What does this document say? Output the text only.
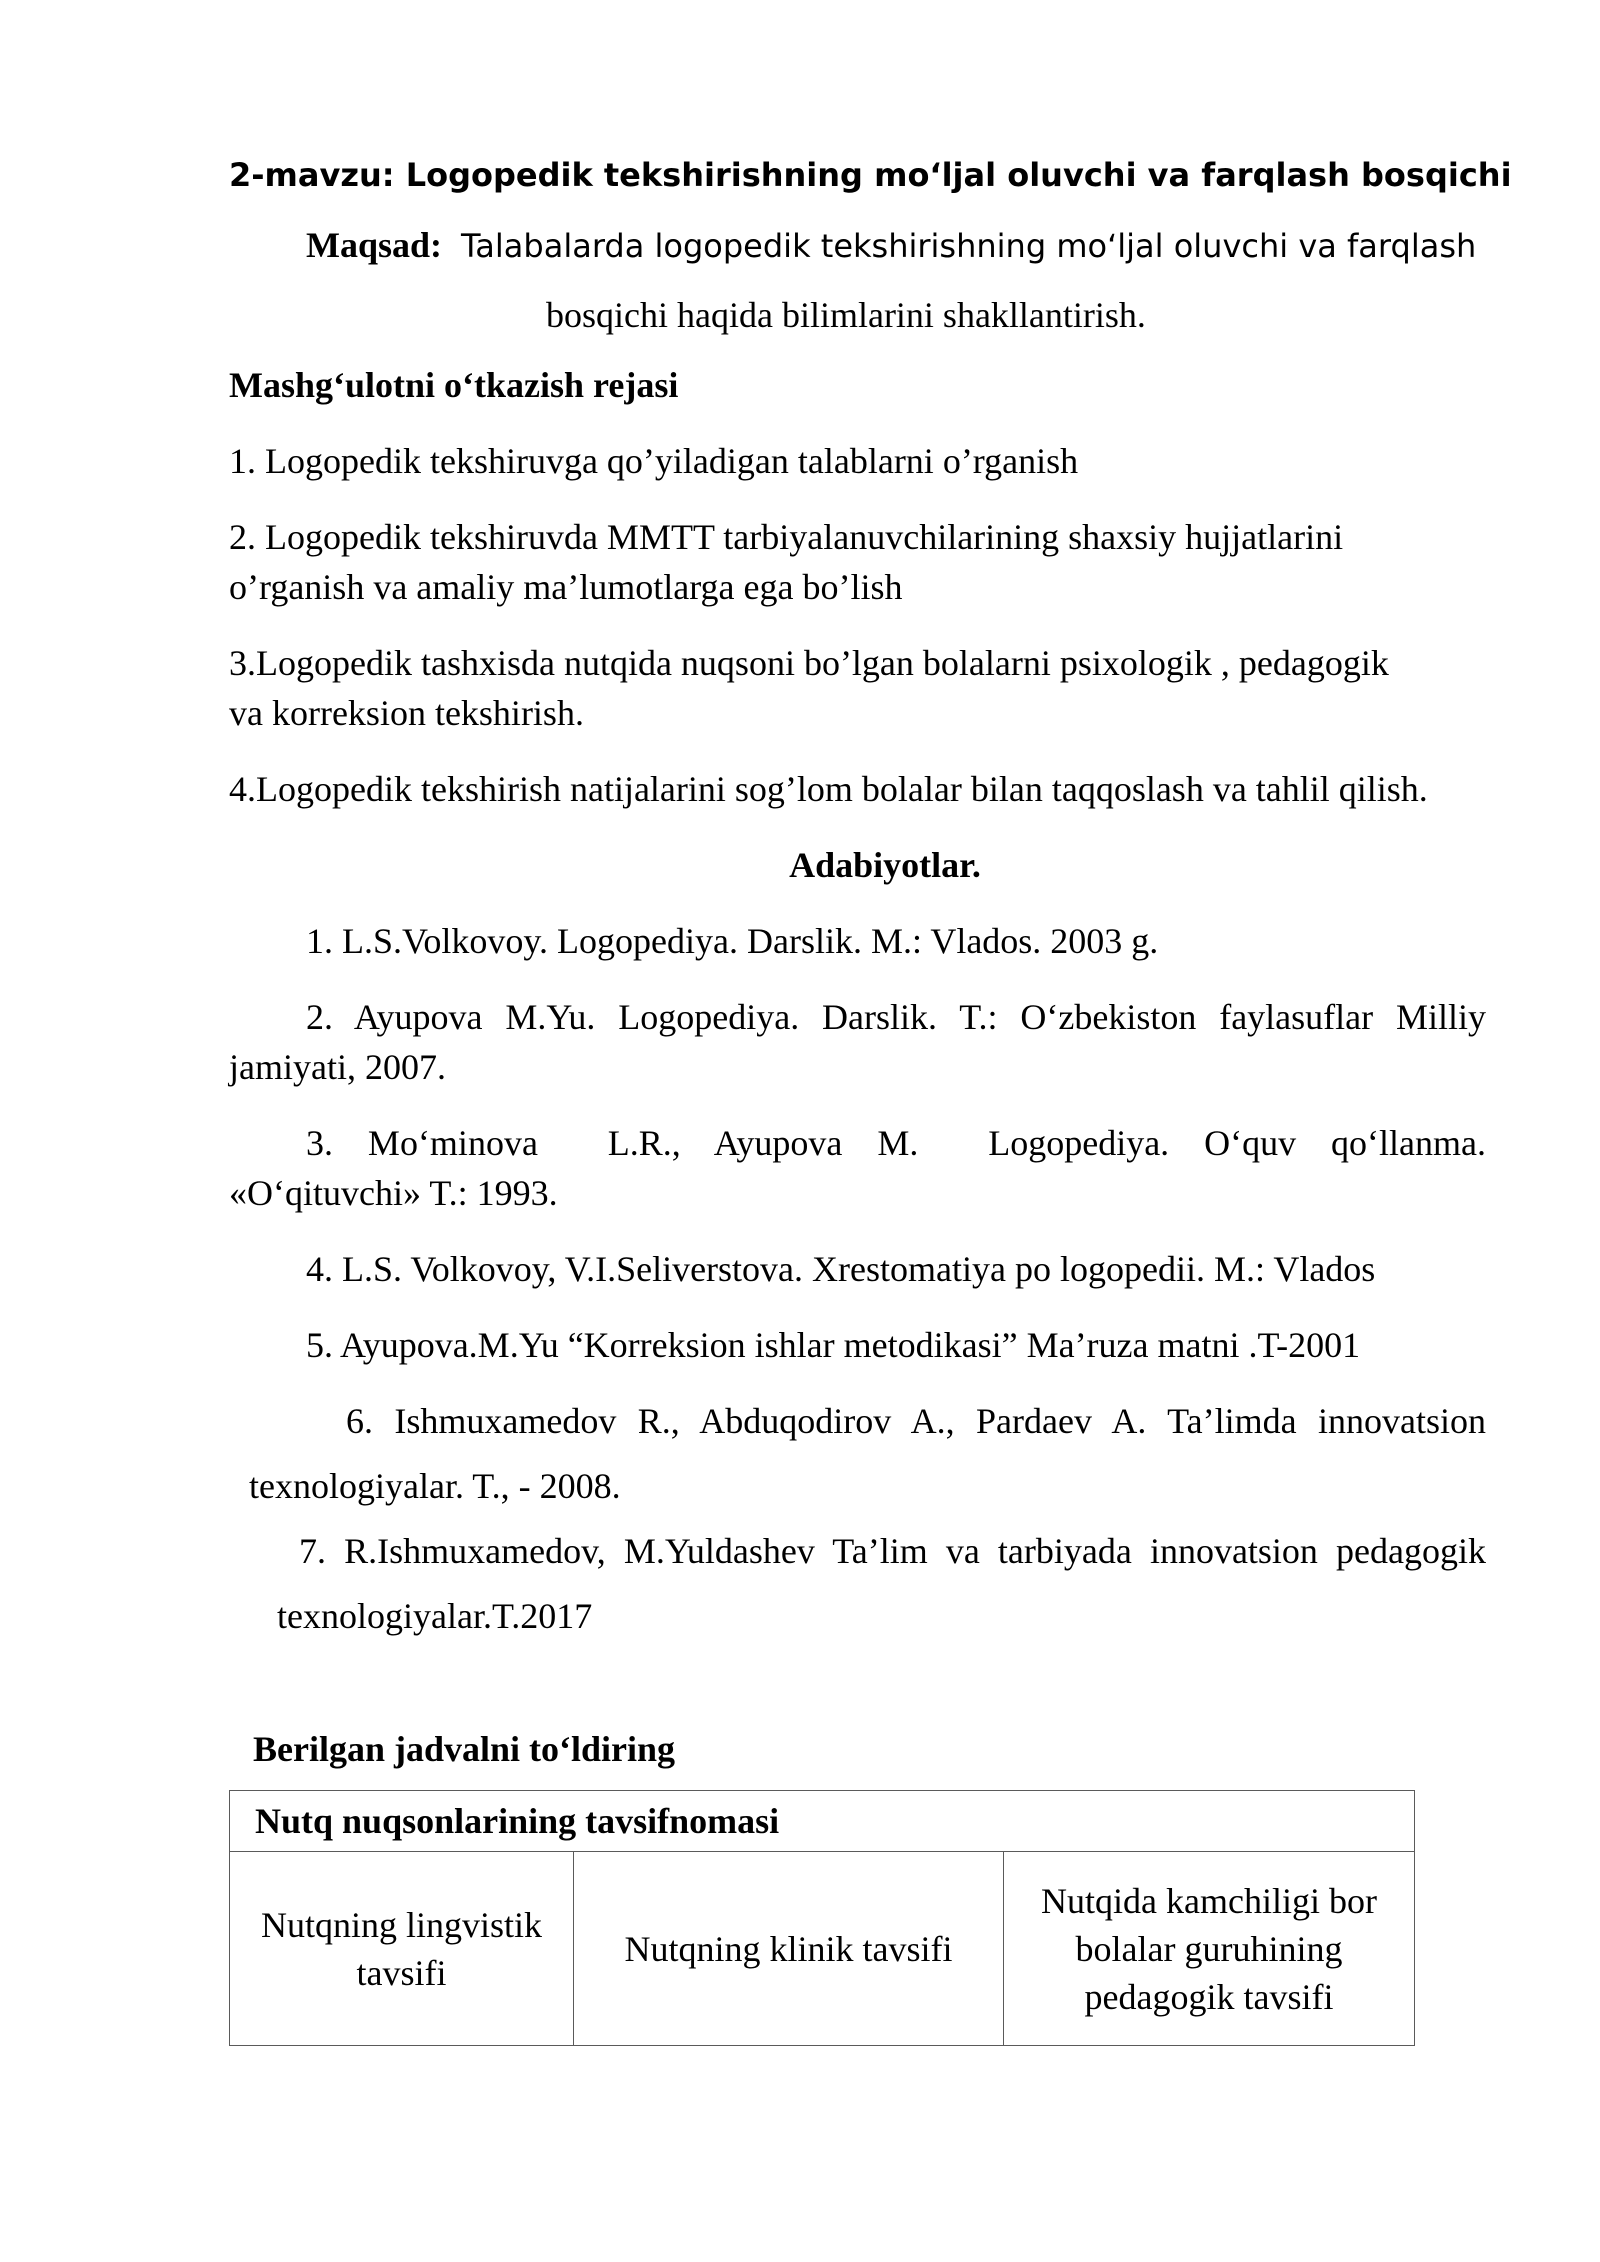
2-mavzu: Logopedik tekshirishning mo‘ljal oluvchi va farqlash bosqichi
Maqsad: Talabalarda logopedik tekshirishning mo‘ljal oluvchi va farqlash
bosqichi haqida bilimlarini shakllantirish.
Mashg‘ulotni o‘tkazish rejasi
1. Logopedik tekshiruvga qo’yiladigan talablarni o’rganish
2. Logopedik tekshiruvda MMTT tarbiyalanuvchilarining shaxsiy hujjatlarini
o’rganish va amaliy ma’lumotlarga ega bo’lish
3.Logopedik tashxisda nutqida nuqsoni bo’lgan bolalarni psixologik , pedagogik
va korreksion tekshirish.
4.Logopedik tekshirish natijalarini sog’lom bolalar bilan taqqoslash va tahlil qilish.
Adabiyotlar.
1. L.S.Volkovoy. Logopediya. Darslik. M.: Vlados. 2003 g.
2. Ayupova M.Yu. Logopediya. Darslik. T.: O‘zbekiston faylasuflar Milliy
jamiyati, 2007.
3. Mo‘minova  L.R., Ayupova M.  Logopediya. O‘quv qo‘llanma.
«O‘qituvchi» T.: 1993.
4. L.S. Volkovoy, V.I.Seliverstova. Xrestomatiya po logopedii. M.: Vlados
5. Ayupova.M.Yu “Korreksion ishlar metodikasi” Ma’ruza matni .T-2001
6. Ishmuxamedov R., Abduqodirov A., Pardaev A. Ta’limda innovatsion
texnologiyalar. T., - 2008.
7. R.Ishmuxamedov, M.Yuldashev Ta’lim va tarbiyada innovatsion pedagogik
texnologiyalar.T.2017
Berilgan jadvalni to‘ldiring
Nutq nuqsonlarining tavsifnomasi

Nutqning lingvistik
tavsifi

Nutqning klinik tavsifi

Nutqida kamchiligi bor
bolalar guruhining
pedagogik tavsifi
